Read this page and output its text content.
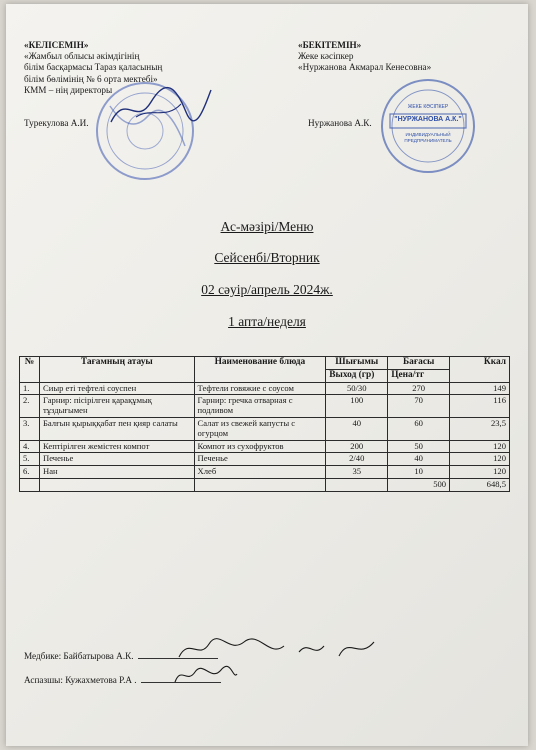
«КЕЛІСЕМІН»
«Жамбыл облысы әкімдігінің
білім басқармасы Тараз қаласының
білім бөлімінің № 6 орта мектебі»
КММ – нің директоры
Турекулова А.И.
«БЕКІТЕМІН»
Жеке кәсіпкер
«Нуржанова Акмарал Кенесовна»
Нуржанова А.К.
ЖЕКЕ КӘСІПКЕР
"НУРЖАНОВА А.К."
ИНДИВИДУАЛЬНЫЙ
ПРЕДПРИНИМАТЕЛЬ
Ас-мәзірі/Меню
Сейсенбі/Вторник
02 сәуір/апрель 2024ж.
1 апта/неделя
№	Тағамның атауы	Наименование блюда	Шығымы	Бағасы	Ккал
			Выход (гр)	Цена/тг	
1.	Сиыр еті тефтелі соуспен	Тефтели говяжие с соусом	50/30	270	149
2.	Гарнир: пісірілген қарақұмық тұздығымен	Гарнир: гречка отварная с подливом	100	70	116
3.	Балғын қырыққабат пен қияр салаты	Салат из свежей капусты с огурцом	40	60	23,5
4.	Кептірілген жемістен компот	Компот из сухофруктов	200	50	120
5.	Печенье	Печенье	2/40	40	120
6.	Нан	Хлеб	35	10	120
				500	648,5
Медбике: Байбатырова А.К.
Аспазшы: Кужахметова Р.А .
